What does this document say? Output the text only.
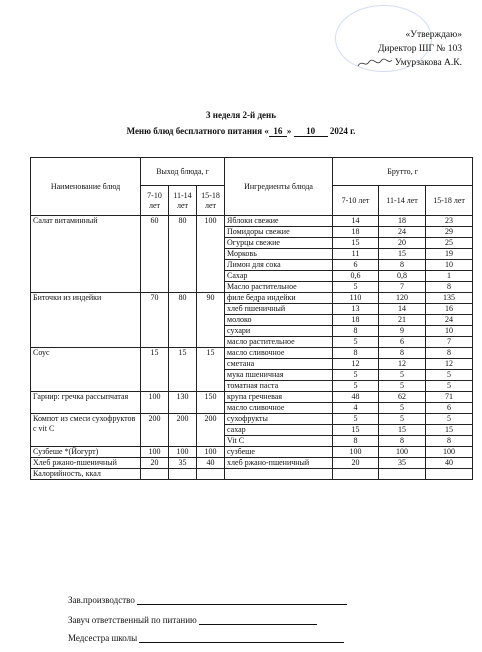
«Утверждаю»
Директор ШГ № 103
Умурзакова А.К.
3 неделя 2-й день
Меню блюд бесплатного питания « 16 » 10 2024 г.
Наименование блюд	Выход блюда, г			Ингредиенты блюда	Брутто, г		
	7-10 лет	11-14 лет	15-18 лет		7-10 лет	11-14 лет	15-18 лет
Салат витаминный	60	80	100	Яблоки свежие	14	18	23
				Помидоры свежие	18	24	29
				Огурцы свежие	15	20	25
				Морковь	11	15	19
				Лимон для сока	6	8	10
				Сахар	0,6	0,8	1
				Масло растительное	5	7	8
Биточки из индейки	70	80	90	филе бедра индейки	110	120	135
				хлеб пшеничный	13	14	16
				молоко	18	21	24
				сухари	8	9	10
				масло растительное	5	6	7
Соус	15	15	15	масло сливочное	8	8	8
				сметана	12	12	12
				мука пшеничная	5	5	5
				томатная паста	5	5	5
Гарнир: гречка рассыпчатая	100	130	150	крупа гречневая	48	62	71
				масло сливочное	4	5	6
Компот из смеси сухофруктов с vit C	200	200	200	сухофрукты	5	5	5
				сахар	15	15	15
				Vit C	8	8	8
Сузбеше *(Йогурт)	100	100	100	сузбеше	100	100	100
Хлеб ржано-пшеничный	20	35	40	хлеб ржано-пшеничный	20	35	40
Калорийность, ккал							
Зав.производство
Завуч ответственный по питанию
Медсестра школы
